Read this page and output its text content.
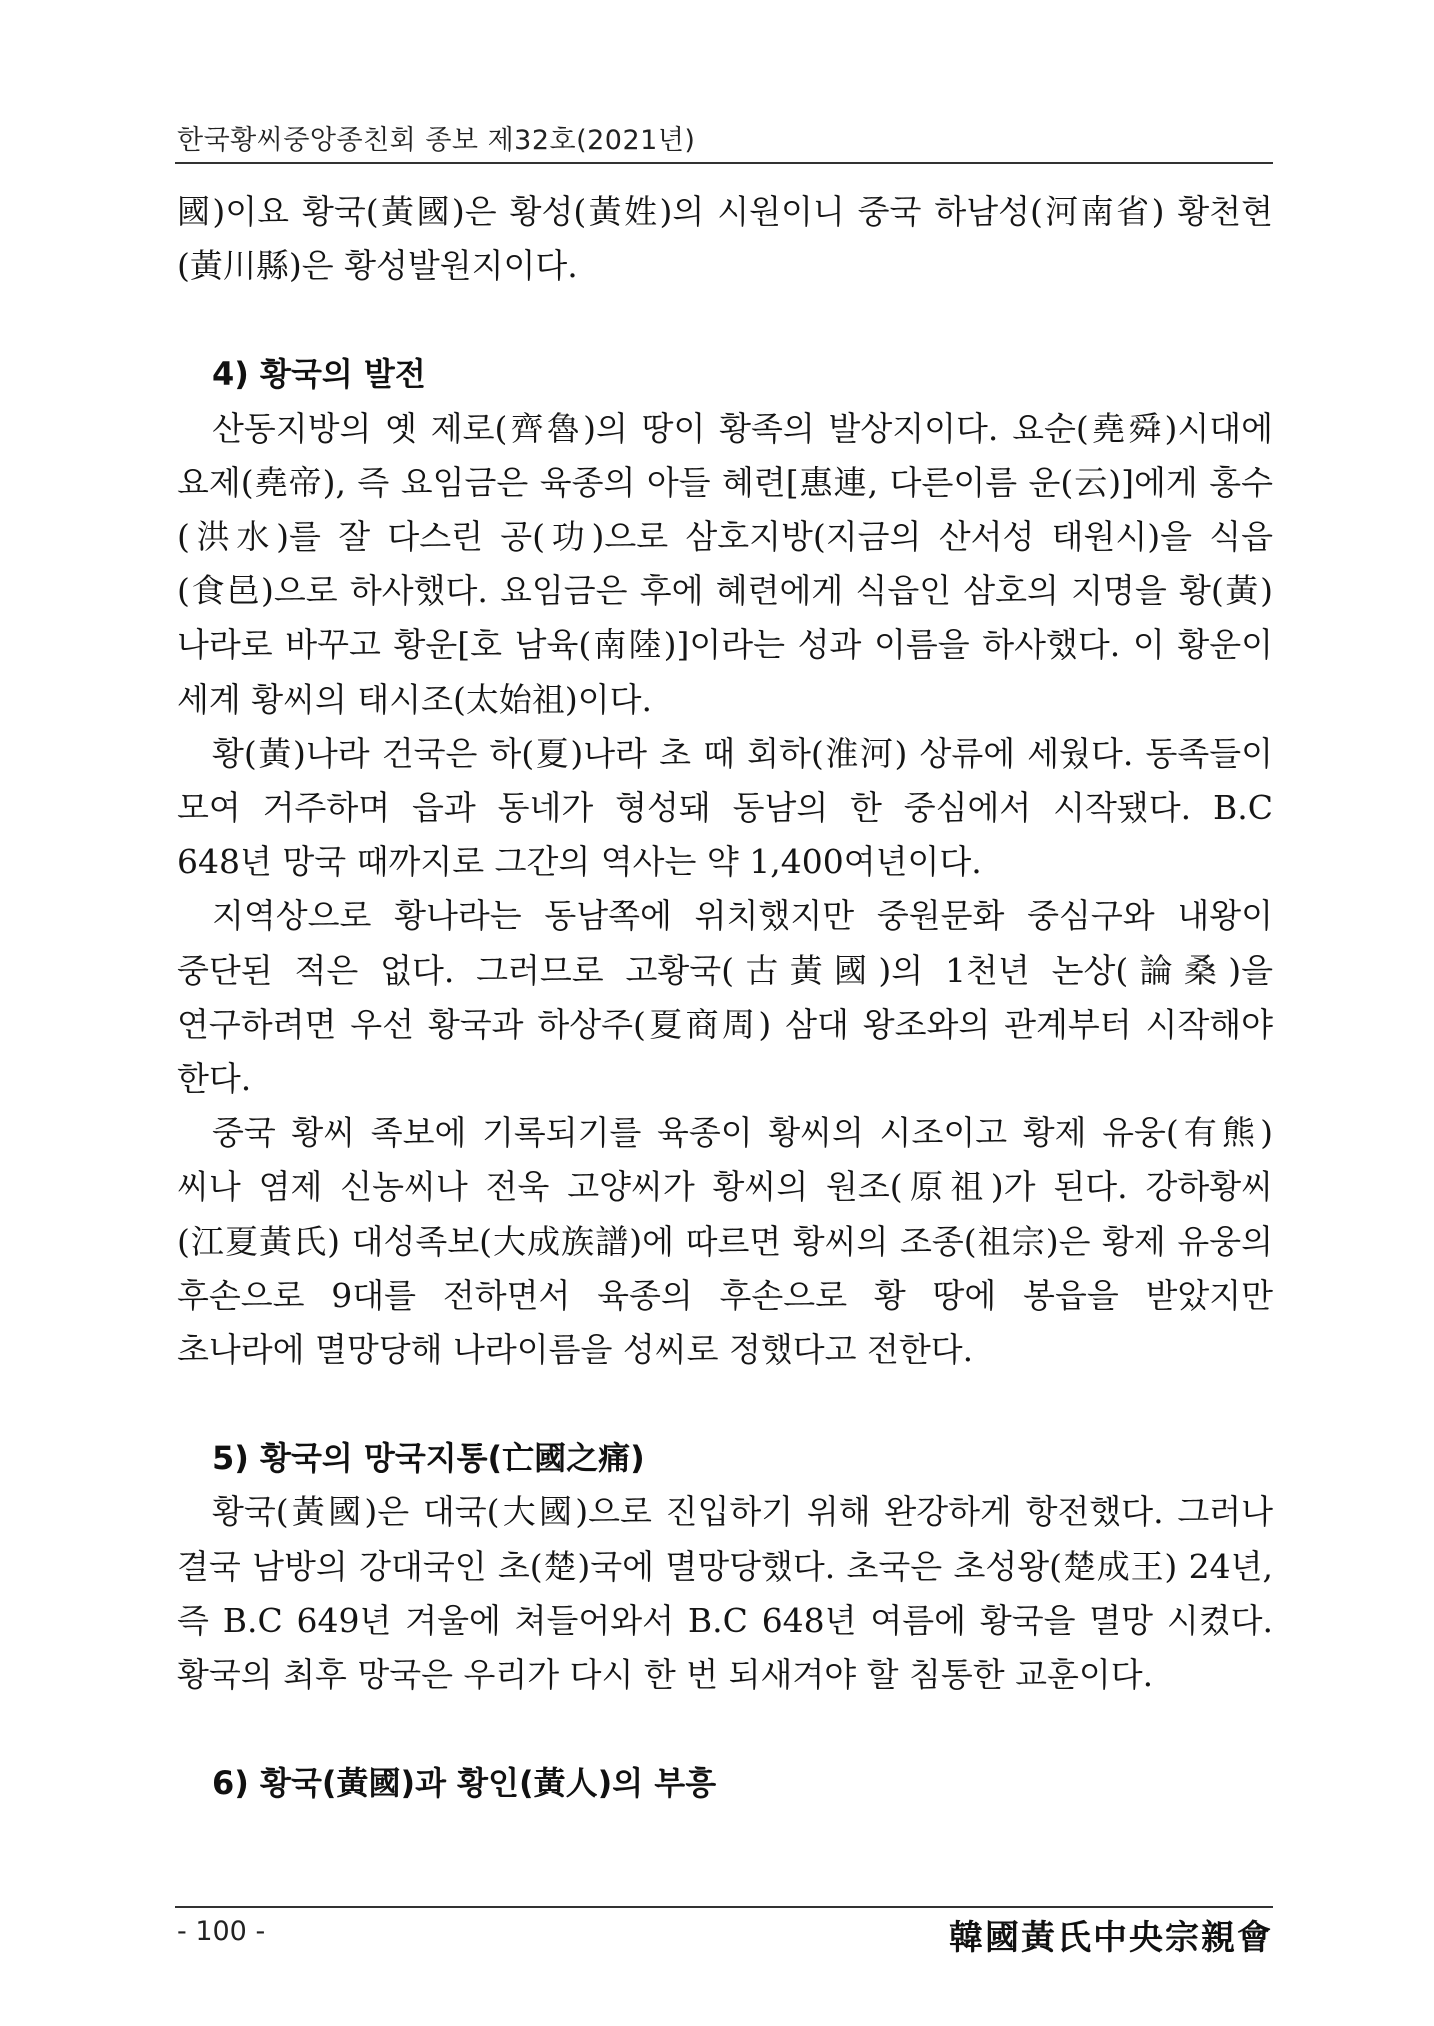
한국황씨중앙종친회 종보 제32호(2021년)

國)이요 황국(黃國)은 황성(黃姓)의 시원이니 중국 하남성(河南省) 황천현(黃川縣)은 황성발원지이다.

4) 황국의 발전

산동지방의 옛 제로(齊魯)의 땅이 황족의 발상지이다. 요순(堯舜)시대에 요제(堯帝), 즉 요임금은 육종의 아들 혜련[惠連, 다른이름 운(云)]에게 홍수(洪水)를 잘 다스린 공(功)으로 삼호지방(지금의 산서성 태원시)을 식읍(食邑)으로 하사했다. 요임금은 후에 혜련에게 식읍인 삼호의 지명을 황(黃)나라로 바꾸고 황운[호 남육(南陸)]이라는 성과 이름을 하사했다. 이 황운이 세계 황씨의 태시조(太始祖)이다.

황(黃)나라 건국은 하(夏)나라 초 때 회하(淮河) 상류에 세웠다. 동족들이 모여 거주하며 읍과 동네가 형성돼 동남의 한 중심에서 시작됐다. B.C 648년 망국 때까지로 그간의 역사는 약 1,400여년이다.

지역상으로 황나라는 동남쪽에 위치했지만 중원문화 중심구와 내왕이 중단된 적은 없다. 그러므로 고황국(古黃國)의 1천년 논상(論桑)을 연구하려면 우선 황국과 하상주(夏商周) 삼대 왕조와의 관계부터 시작해야 한다.

중국 황씨 족보에 기록되기를 육종이 황씨의 시조이고 황제 유웅(有熊)씨나 염제 신농씨나 전욱 고양씨가 황씨의 원조(原祖)가 된다. 강하황씨(江夏黃氏) 대성족보(大成族譜)에 따르면 황씨의 조종(祖宗)은 황제 유웅의 후손으로 9대를 전하면서 육종의 후손으로 황 땅에 봉읍을 받았지만 초나라에 멸망당해 나라이름을 성씨로 정했다고 전한다.

5) 황국의 망국지통(亡國之痛)

황국(黃國)은 대국(大國)으로 진입하기 위해 완강하게 항전했다. 그러나 결국 남방의 강대국인 초(楚)국에 멸망당했다. 초국은 초성왕(楚成王) 24년, 즉 B.C 649년 겨울에 쳐들어와서 B.C 648년 여름에 황국을 멸망 시켰다. 황국의 최후 망국은 우리가 다시 한 번 되새겨야 할 침통한 교훈이다.

6) 황국(黃國)과 황인(黃人)의 부흥
- 100 -	韓國黃氏中央宗親會
